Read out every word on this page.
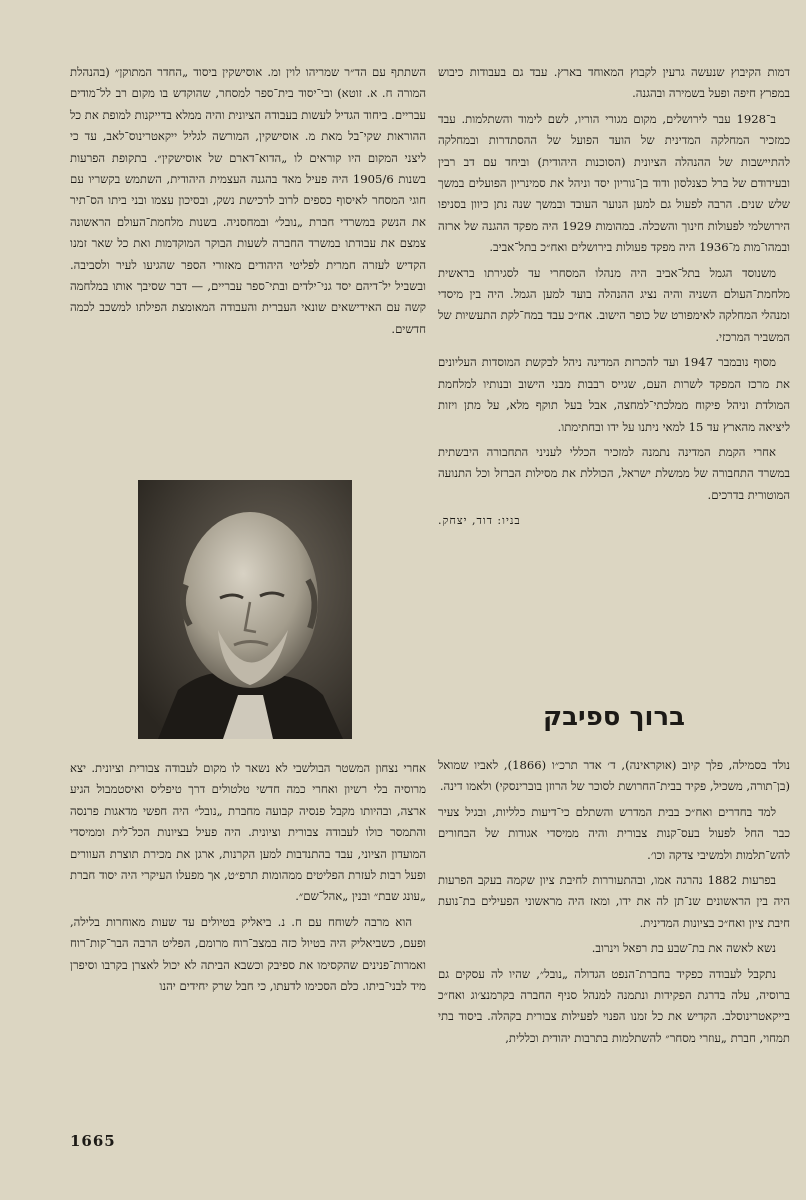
השתתף עם הד״ר שמריהו לוין ומ. אוסישקין ביסוד „החדר המתוקן״ (בהנהלת המורה ח. א. זוטא) ובי־יסוד בית־ספר למסחר, שהוקדש בו מקום רב לל־מודים עבריים. ביחוד הגדיל לעשות בעבודה הציונית והיה ממלא בדייקנות למופת את כל ההוראות שקי־בל מאת מ. אוסישקין, המורשה לגליל ייקאטרינוס־לאב, עד כי ליצני המקום היו קוראים לו „הדוא־דארם של אוסישקין״. בתקופת הפרעות בשנות 1905/6 היה פעיל מאד בהגנה העצמית היהודית, השתמש בקשריו עם חוגי המסחר לאיסוף כספים לרוב לרכישת נשק, ובסיכון עצמו ובני ביתו הס־תיר את הנשק במשרדי חברת „נובל״ ובמחסניה. בשנות מלחמת־העולם הראשונה צמצם את עבודתו במשרד החברה לשעות הבוקר המוקדמות ואת כל שאר זמנו הקדיש לעזרה חמרית לפליטי היהודים מאזורי הספר שהגיעו לעיר ולסביבה. ובשביל יל־דיהם יסד גני־ילדים ובתי־ספר עבריים, — דבר שסיבך אותו במלחמה קשה עם האידישאים שונאי העברית והעבודה המאומצת הפילתו למשכב לכמה חדשים.

אחרי נצחון המשטר הבולשבי לא נשאר לו מקום לעבודה צבורית וציונית. יצא מרוסיה בלי רשיון ואחרי כמה חדשי טלטולים דרך טיפליס ואיסטמבול הגיע ארצה, ובהיותו מקבל פנסיה קבועה מחברת „נובל״ היה חפשי מדאגות פרנסה והתמסר כולו לעבודה צבורית וציונית. היה פעיל בציונות הכל־לית וממיסדי המועדון הציוני, עבד בהתנדבות למען הקרנות, ארגן את מכירת תוצרת העוורים ופעל רבות לעזרת הפליטים ממהומות תרפ״ט, אך מפעלו העיקרי היה יסוד חברת „עונג שבת״ ובנין „אהל־שם״.

הוא מרבה לשוחח עם ח. נ. ביאליק בטיולים עד שעות מאוחרות בלילה, ופעם, כשביאליק היה בטיול כזה במצב־רוח מרומם, הפליט הרבה הבר־קות־רוח ואמרות־פנינים שהקסימו את ספיבק וכשבא הביתה לא יכול לאצרן בקרבו וסיפרן מיד לבני־ביתו. כלם הסכימו לדעתו, כי חבל שרק יחידים יהנו

דמות הקיבוץ שנעשה גרעין לקבוץ המאוחד בארץ. עבד גם בעבודות כיבוש במפרץ חיפה ופעל בשמירה ובהגנה.

ב־1928 עבר לירושלים, מקום מגורי הוריו, לשם לימוד והשתלמות. עבד כמזכיר המחלקה המדינית של הועד הפועל של ההסתדרות ובמחלקה להתיישבות של ההנהלה הציונית (הסוכנות היהודית) וביחד עם דב רבין ובעידודם של ברל כצנלסון ודוד בן־גוריון יסד וניהל את סמינריון הפועלים במשך שלש שנים. הרבה לפעול גם למען הנוער העובד ובמשך שנה נתן כיוון בסניפו הירושלמי לפעולות חינוך והשכלה. במהומות 1929 היה מפקד ההגנה של ארזה ובמהו־מות מ־1936 היה מפקד פעולות בירושלים ואח״כ בתל־אביב.

משנוסד הגמל בתל־אביב היה מנהלו המסחרי עד לסגירתו בראשית מלחמת־העולם השניה והיה נציג ההנהלה בועד למען הגמל. היה בין מיסדי ומנהלי המחלקה לאימפורט של כופר הישוב. אח״כ עבד במח־לקת התעשיות של המשביר המרכזי.

מסוף נובמבר 1947 ועד להכרזת המדינה ניהל לבקשת המוסדות העליונים את מרכז המפקד לשרות העם, שגייס רבבות מבני הישוב ובנותיו למלחמת המולדת וניהל פיקוח ממלכתי־למחצה, אבל בעל תוקף מלא, על מתן ויזות ליציאה מהארץ עד 15 למאי ניתנו על ידו ובחתימתו.

אחרי הקמת המדינה נתמנה למזכיר הכללי לעניני התחבורה היבשתית במשרד התחבורה של ממשלת ישראל, הכוללת את מסילות הברזל וכל התנועה המוטורית בדרכים.

בניו: דוד, יצחק.

ברוך ספיבק

נולד בסמילה, פלך קיוב (אוקראינה), ד׳ אדר תרכ״ו (1866), לאביו שמואל (בן־תורה, משכיל, פקיד בבית־החרושת לסוכר של הרוזן בוברינסקי) ולאמו דינה.

למד בחדרים ואח״כ בבית המדרש והשתלם כי־דיעות כלליות, ובגיל צעיר כבר החל לפעול בעס־קנות צבורית והיה ממיסדי אגודות של הבחורים להש־תלמות ולמשיבי צדקה וכו׳.

בפרעות 1882 נהרגה אמו, ובהתעוררות לחיבת ציון שקמה בעקב הפרעות היה בין הראשונים שנ־תן לה את ידו, ומאז היה מראשוני הפעילים בת־נועת חיבת ציון ואח״כ בציונות המדינית.

נשא לאשה את בת־שבע בת רפאל וינרוב.

נתקבל לעבודה כפקיד בחברת־הנפט הגדולה „נובל״, שהיו לה עסקים גם ברוסיה, עלה בדרגת הפקידות ונתמנה למנהל סניף החברה בקרמנצ׳וג ואח״כ בייקאטרינוסלב. הקדיש את כל זמנו הפנוי לפעילות צבורית בקהלה. ביסוד בתי תמחוי, חברת „עוזרי מסחר״ להשתלמות בתרבות יהודית וכללית,

1665
